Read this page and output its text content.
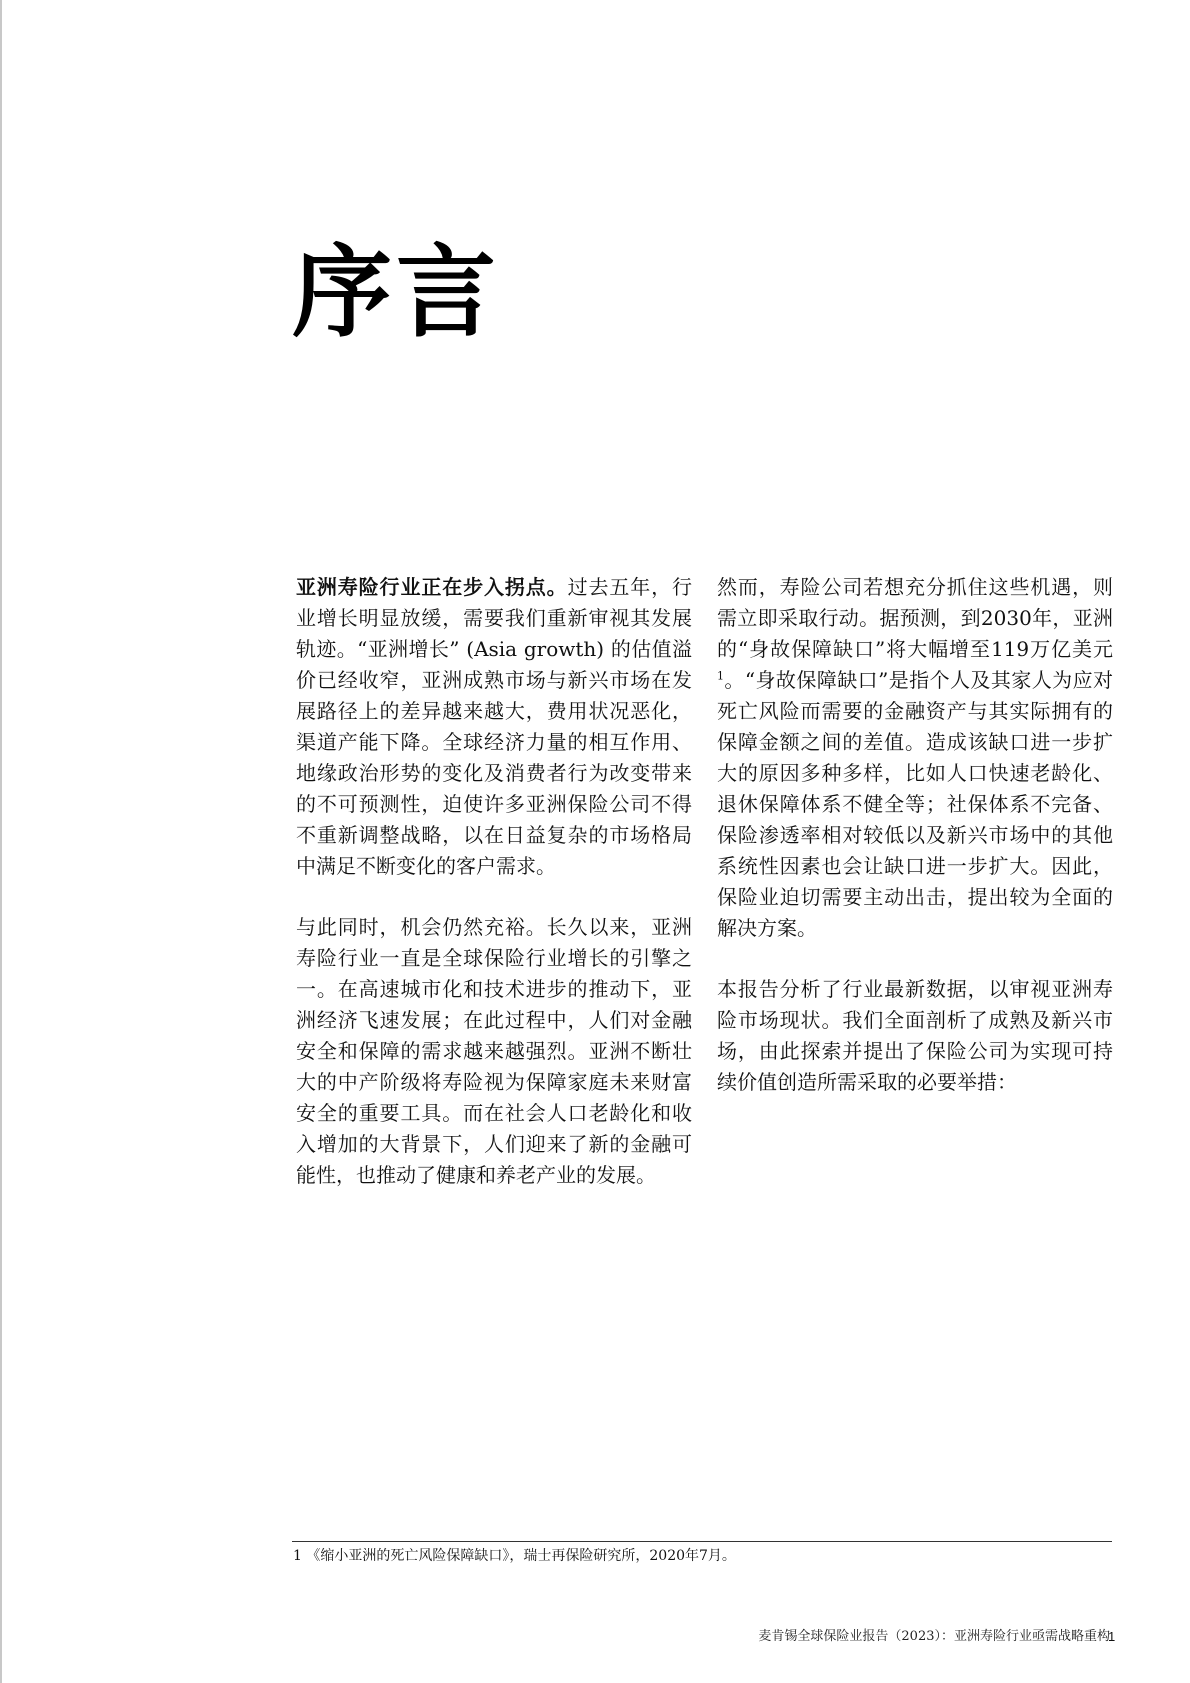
序言

亚洲寿险行业正在步入拐点。过去五年，行业增长明显放缓，需要我们重新审视其发展轨迹。“亚洲增长” (Asia growth) 的估值溢价已经收窄，亚洲成熟市场与新兴市场在发展路径上的差异越来越大，费用状况恶化，渠道产能下降。全球经济力量的相互作用、地缘政治形势的变化及消费者行为改变带来的不可预测性，迫使许多亚洲保险公司不得不重新调整战略，以在日益复杂的市场格局中满足不断变化的客户需求。

与此同时，机会仍然充裕。长久以来，亚洲寿险行业一直是全球保险行业增长的引擎之一。在高速城市化和技术进步的推动下，亚洲经济飞速发展；在此过程中，人们对金融安全和保障的需求越来越强烈。亚洲不断壮大的中产阶级将寿险视为保障家庭未来财富安全的重要工具。而在社会人口老龄化和收入增加的大背景下，人们迎来了新的金融可能性，也推动了健康和养老产业的发展。

然而，寿险公司若想充分抓住这些机遇，则需立即采取行动。据预测，到2030年，亚洲的“身故保障缺口”将大幅增至119万亿美元$^1$。“身故保障缺口”是指个人及其家人为应对死亡风险而需要的金融资产与其实际拥有的保障金额之间的差值。造成该缺口进一步扩大的原因多种多样，比如人口快速老龄化、退休保障体系不健全等；社保体系不完备、保险渗透率相对较低以及新兴市场中的其他系统性因素也会让缺口进一步扩大。因此，保险业迫切需要主动出击，提出较为全面的解决方案。

本报告分析了行业最新数据，以审视亚洲寿险市场现状。我们全面剖析了成熟及新兴市场，由此探索并提出了保险公司为实现可持续价值创造所需采取的必要举措：

1 《缩小亚洲的死亡风险保障缺口》，瑞士再保险研究所，2020年7月。
麦肯锡全球保险业报告（2023）：亚洲寿险行业亟需战略重构
1
